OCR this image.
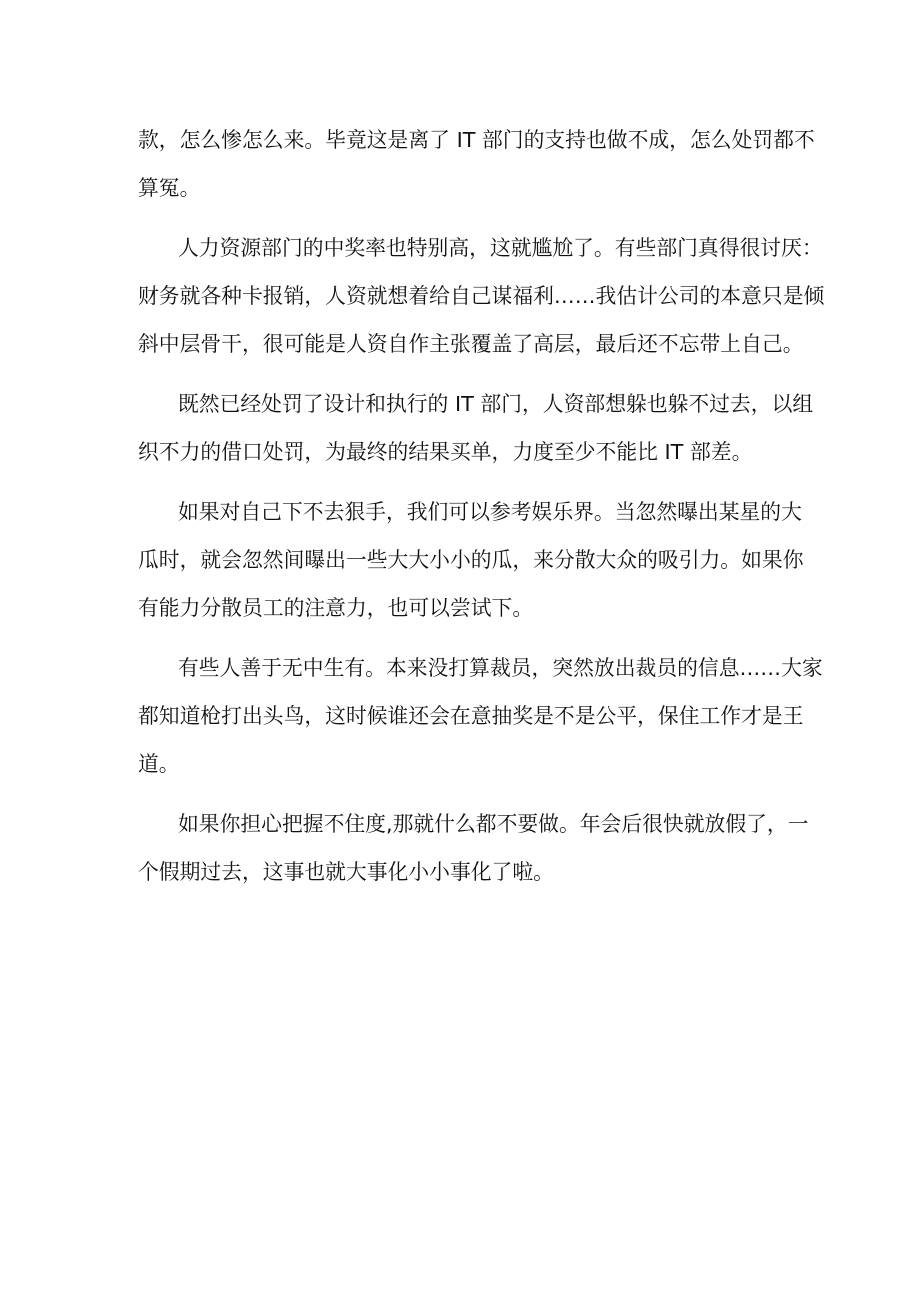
款，怎么惨怎么来。毕竟这是离了 IT 部门的支持也做不成，怎么处罚都不
算冤。

人力资源部门的中奖率也特别高，这就尴尬了。有些部门真得很讨厌：
财务就各种卡报销，人资就想着给自己谋福利……我估计公司的本意只是倾
斜中层骨干，很可能是人资自作主张覆盖了高层，最后还不忘带上自己。

既然已经处罚了设计和执行的 IT 部门，人资部想躲也躲不过去，以组
织不力的借口处罚，为最终的结果买单，力度至少不能比 IT 部差。

如果对自己下不去狠手，我们可以参考娱乐界。当忽然曝出某星的大
瓜时，就会忽然间曝出一些大大小小的瓜，来分散大众的吸引力。如果你
有能力分散员工的注意力，也可以尝试下。

有些人善于无中生有。本来没打算裁员，突然放出裁员的信息……大家
都知道枪打出头鸟，这时候谁还会在意抽奖是不是公平，保住工作才是王
道。

如果你担心把握不住度,那就什么都不要做。年会后很快就放假了，一
个假期过去，这事也就大事化小小事化了啦。
